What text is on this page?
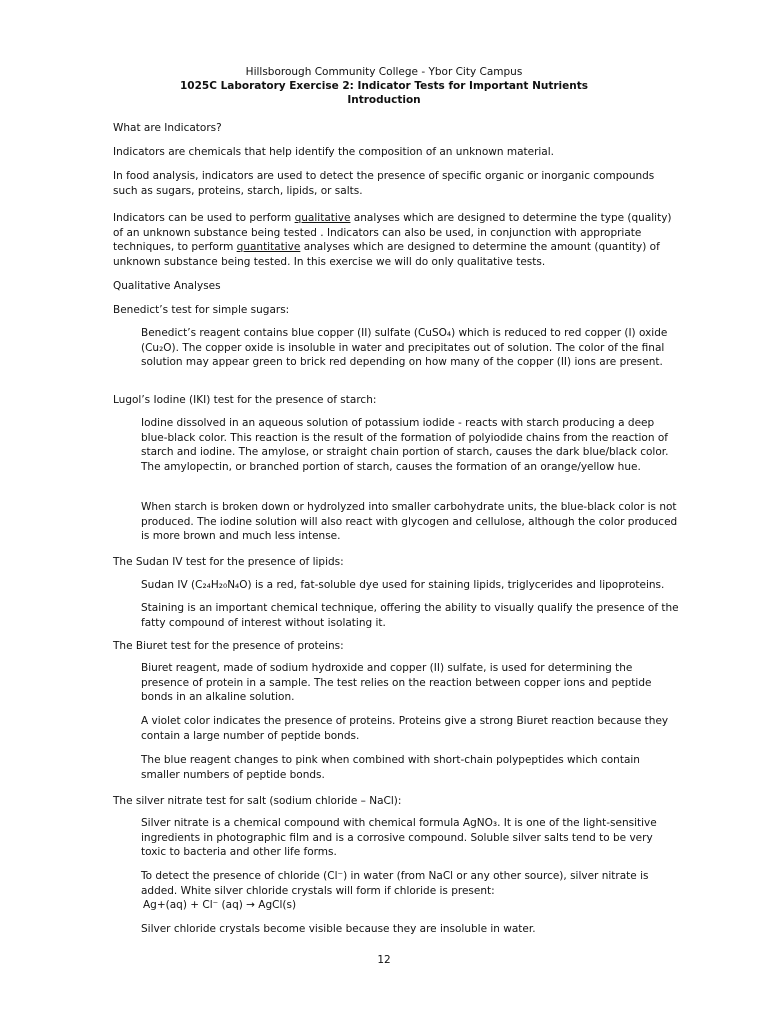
Hillsborough Community College - Ybor City Campus
1025C Laboratory Exercise 2: Indicator Tests for Important Nutrients
Introduction

What are Indicators?

Indicators are chemicals that help identify the composition of an unknown material.

In food analysis, indicators are used to detect the presence of specific organic or inorganic compounds such as sugars, proteins, starch, lipids, or salts.

Indicators can be used to perform qualitative analyses which are designed to determine the type (quality) of an unknown substance being tested . Indicators can also be used, in conjunction with appropriate techniques, to perform quantitative analyses which are designed to determine the amount (quantity) of unknown substance being tested. In this exercise we will do only qualitative tests.

Qualitative Analyses

Benedict’s test for simple sugars:

Benedict’s reagent contains blue copper (II) sulfate (CuSO₄) which is reduced to red copper (I) oxide (Cu₂O). The copper oxide is insoluble in water and precipitates out of solution. The color of the final solution may appear green to brick red depending on how many of the copper (II) ions are present.

Lugol’s Iodine (IKI) test for the presence of starch:

Iodine dissolved in an aqueous solution of potassium iodide - reacts with starch producing a deep blue-black color. This reaction is the result of the formation of polyiodide chains from the reaction of starch and iodine. The amylose, or straight chain portion of starch, causes the dark blue/black color. The amylopectin, or branched portion of starch, causes the formation of an orange/yellow hue.

When starch is broken down or hydrolyzed into smaller carbohydrate units, the blue-black color is not produced. The iodine solution will also react with glycogen and cellulose, although the color produced is more brown and much less intense.

The Sudan IV test for the presence of lipids:

Sudan IV (C₂₄H₂₀N₄O) is a red, fat-soluble dye used for staining lipids, triglycerides and lipoproteins.

Staining is an important chemical technique, offering the ability to visually qualify the presence of the fatty compound of interest without isolating it.

The Biuret test for the presence of proteins:

Biuret reagent, made of sodium hydroxide and copper (II) sulfate, is used for determining the presence of protein in a sample. The test relies on the reaction between copper ions and peptide bonds in an alkaline solution.

A violet color indicates the presence of proteins. Proteins give a strong Biuret reaction because they contain a large number of peptide bonds.

The blue reagent changes to pink when combined with short-chain polypeptides which contain smaller numbers of peptide bonds.

The silver nitrate test for salt (sodium chloride – NaCl):

Silver nitrate is a chemical compound with chemical formula AgNO₃. It is one of the light-sensitive ingredients in photographic film and is a corrosive compound. Soluble silver salts tend to be very toxic to bacteria and other life forms.

To detect the presence of chloride (Cl⁻) in water (from NaCl or any other source), silver nitrate is added. White silver chloride crystals will form if chloride is present:

Ag+(aq) + Cl⁻ (aq) → AgCl(s)

Silver chloride crystals become visible because they are insoluble in water.

12
